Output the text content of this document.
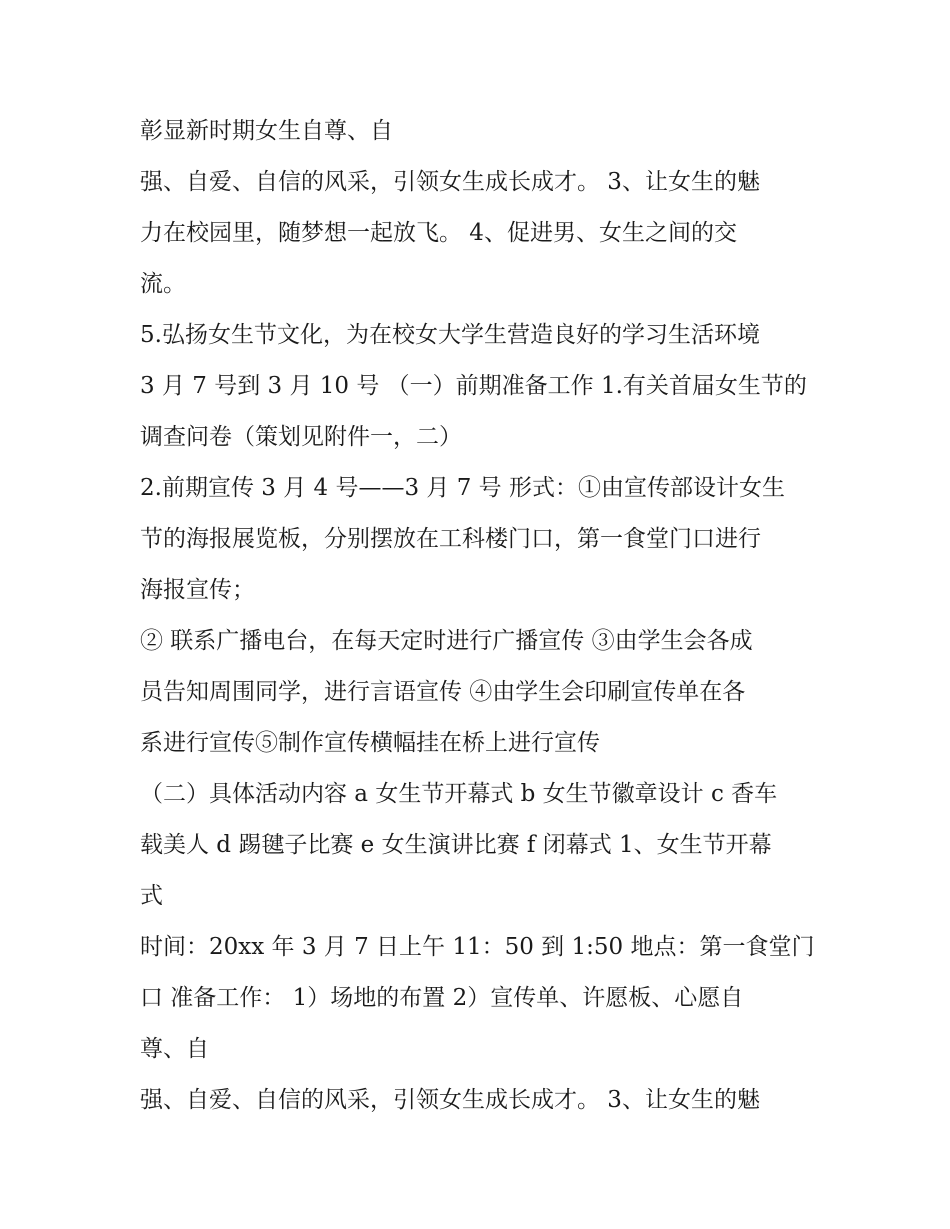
彰显新时期女生自尊、自
强、自爱、自信的风采，引领女生成长成才。 3、让女生的魅
力在校园里，随梦想一起放飞。 4、促进男、女生之间的交
流。
5.弘扬女生节文化，为在校女大学生营造良好的学习生活环境
3 月 7 号到 3 月 10 号 （一）前期准备工作 1.有关首届女生节的
调查问卷（策划见附件一，二）
2.前期宣传 3 月 4 号——3 月 7 号 形式：①由宣传部设计女生
节的海报展览板，分别摆放在工科楼门口，第一食堂门口进行
海报宣传；
② 联系广播电台，在每天定时进行广播宣传 ③由学生会各成
员告知周围同学，进行言语宣传 ④由学生会印刷宣传单在各
系进行宣传⑤制作宣传横幅挂在桥上进行宣传
（二）具体活动内容 a 女生节开幕式 b 女生节徽章设计 c 香车
载美人 d 踢毽子比赛 e 女生演讲比赛 f 闭幕式 1、女生节开幕
式
时间：20xx 年 3 月 7 日上午 11：50 到 1:50 地点：第一食堂门
口 准备工作： 1）场地的布置 2）宣传单、许愿板、心愿自
尊、自
强、自爱、自信的风采，引领女生成长成才。 3、让女生的魅
